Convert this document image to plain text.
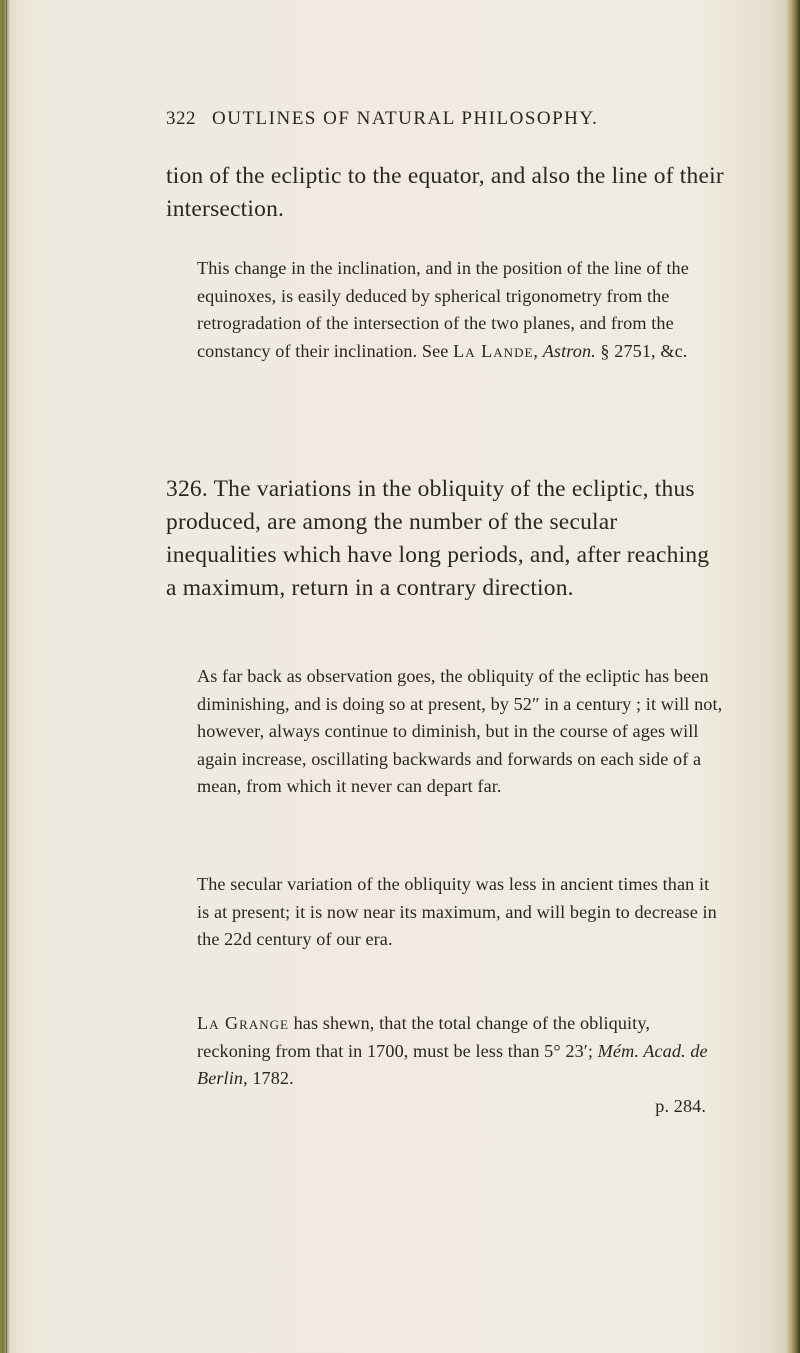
322 OUTLINES OF NATURAL PHILOSOPHY.

tion of the ecliptic to the equator, and also the line of their intersection.

This change in the inclination, and in the position of the line of the equinoxes, is easily deduced by spherical trigonometry from the retrogradation of the intersection of the two planes, and from the constancy of their inclination. See La Lande, Astron. § 2751, &c.

326. The variations in the obliquity of the ecliptic, thus produced, are among the number of the secular inequalities which have long periods, and, after reaching a maximum, return in a contrary direction.

As far back as observation goes, the obliquity of the ecliptic has been diminishing, and is doing so at present, by 52″ in a century ; it will not, however, always continue to diminish, but in the course of ages will again increase, oscillating backwards and forwards on each side of a mean, from which it never can depart far.

The secular variation of the obliquity was less in ancient times than it is at present; it is now near its maximum, and will begin to decrease in the 22d century of our era.

La Grange has shewn, that the total change of the obliquity, reckoning from that in 1700, must be less than 5° 23′; Mém. Acad. de Berlin, 1782.
p. 284.
